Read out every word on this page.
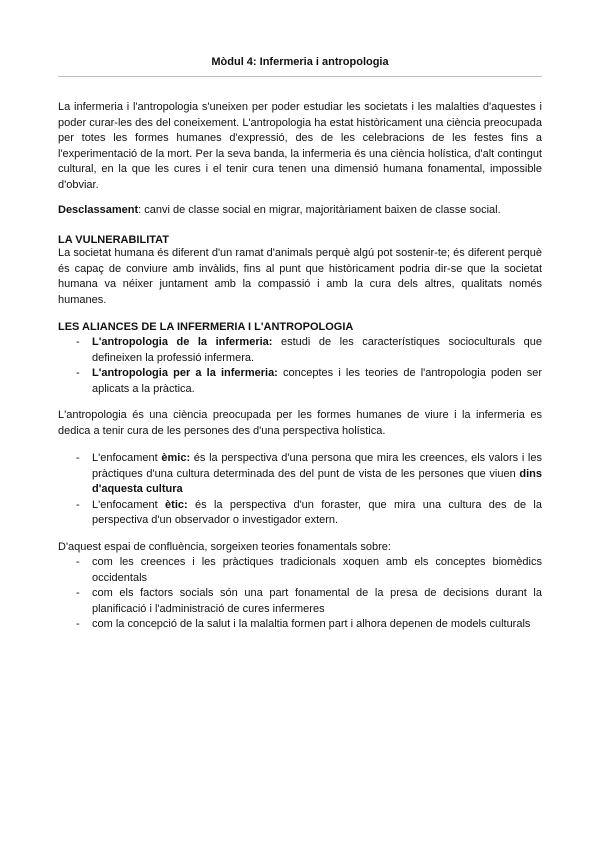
Mòdul 4: Infermeria i antropologia

La infermeria i l'antropologia s'uneixen per poder estudiar les societats i les malalties d'aquestes i poder curar-les des del coneixement. L'antropologia ha estat històricament una ciència preocupada per totes les formes humanes d'expressió, des de les celebracions de les festes fins a l'experimentació de la mort. Per la seva banda, la infermeria és una ciència holística, d'alt contingut cultural, en la que les cures i el tenir cura tenen una dimensió humana fonamental, impossible d'obviar.

Desclassament: canvi de classe social en migrar, majoritàriament baixen de classe social.

LA VULNERABILITAT

La societat humana és diferent d'un ramat d'animals perquè algú pot sostenir-te; és diferent perquè és capaç de conviure amb invàlids, fins al punt que històricament podria dir-se que la societat humana va néixer juntament amb la compassió i amb la cura dels altres, qualitats només humanes.

LES ALIANCES DE LA INFERMERIA I L'ANTROPOLOGIA
- L'antropologia de la infermeria: estudi de les característiques socioculturals que defineixen la professió infermera.
- L'antropologia per a la infermeria: conceptes i les teories de l'antropologia poden ser aplicats a la pràctica.

L'antropologia és una ciència preocupada per les formes humanes de viure i la infermeria es dedica a tenir cura de les persones des d'una perspectiva holística.

- L'enfocament èmic: és la perspectiva d'una persona que mira les creences, els valors i les pràctiques d'una cultura determinada des del punt de vista de les persones que viuen dins d'aquesta cultura
- L'enfocament ètic: és la perspectiva d'un foraster, que mira una cultura des de la perspectiva d'un observador o investigador extern.

D'aquest espai de confluència, sorgeixen teories fonamentals sobre:

- com les creences i les pràctiques tradicionals xoquen amb els conceptes biomèdics occidentals
- com els factors socials són una part fonamental de la presa de decisions durant la planificació i l'administració de cures infermeres
- com la concepció de la salut i la malaltia formen part i alhora depenen de models culturals
